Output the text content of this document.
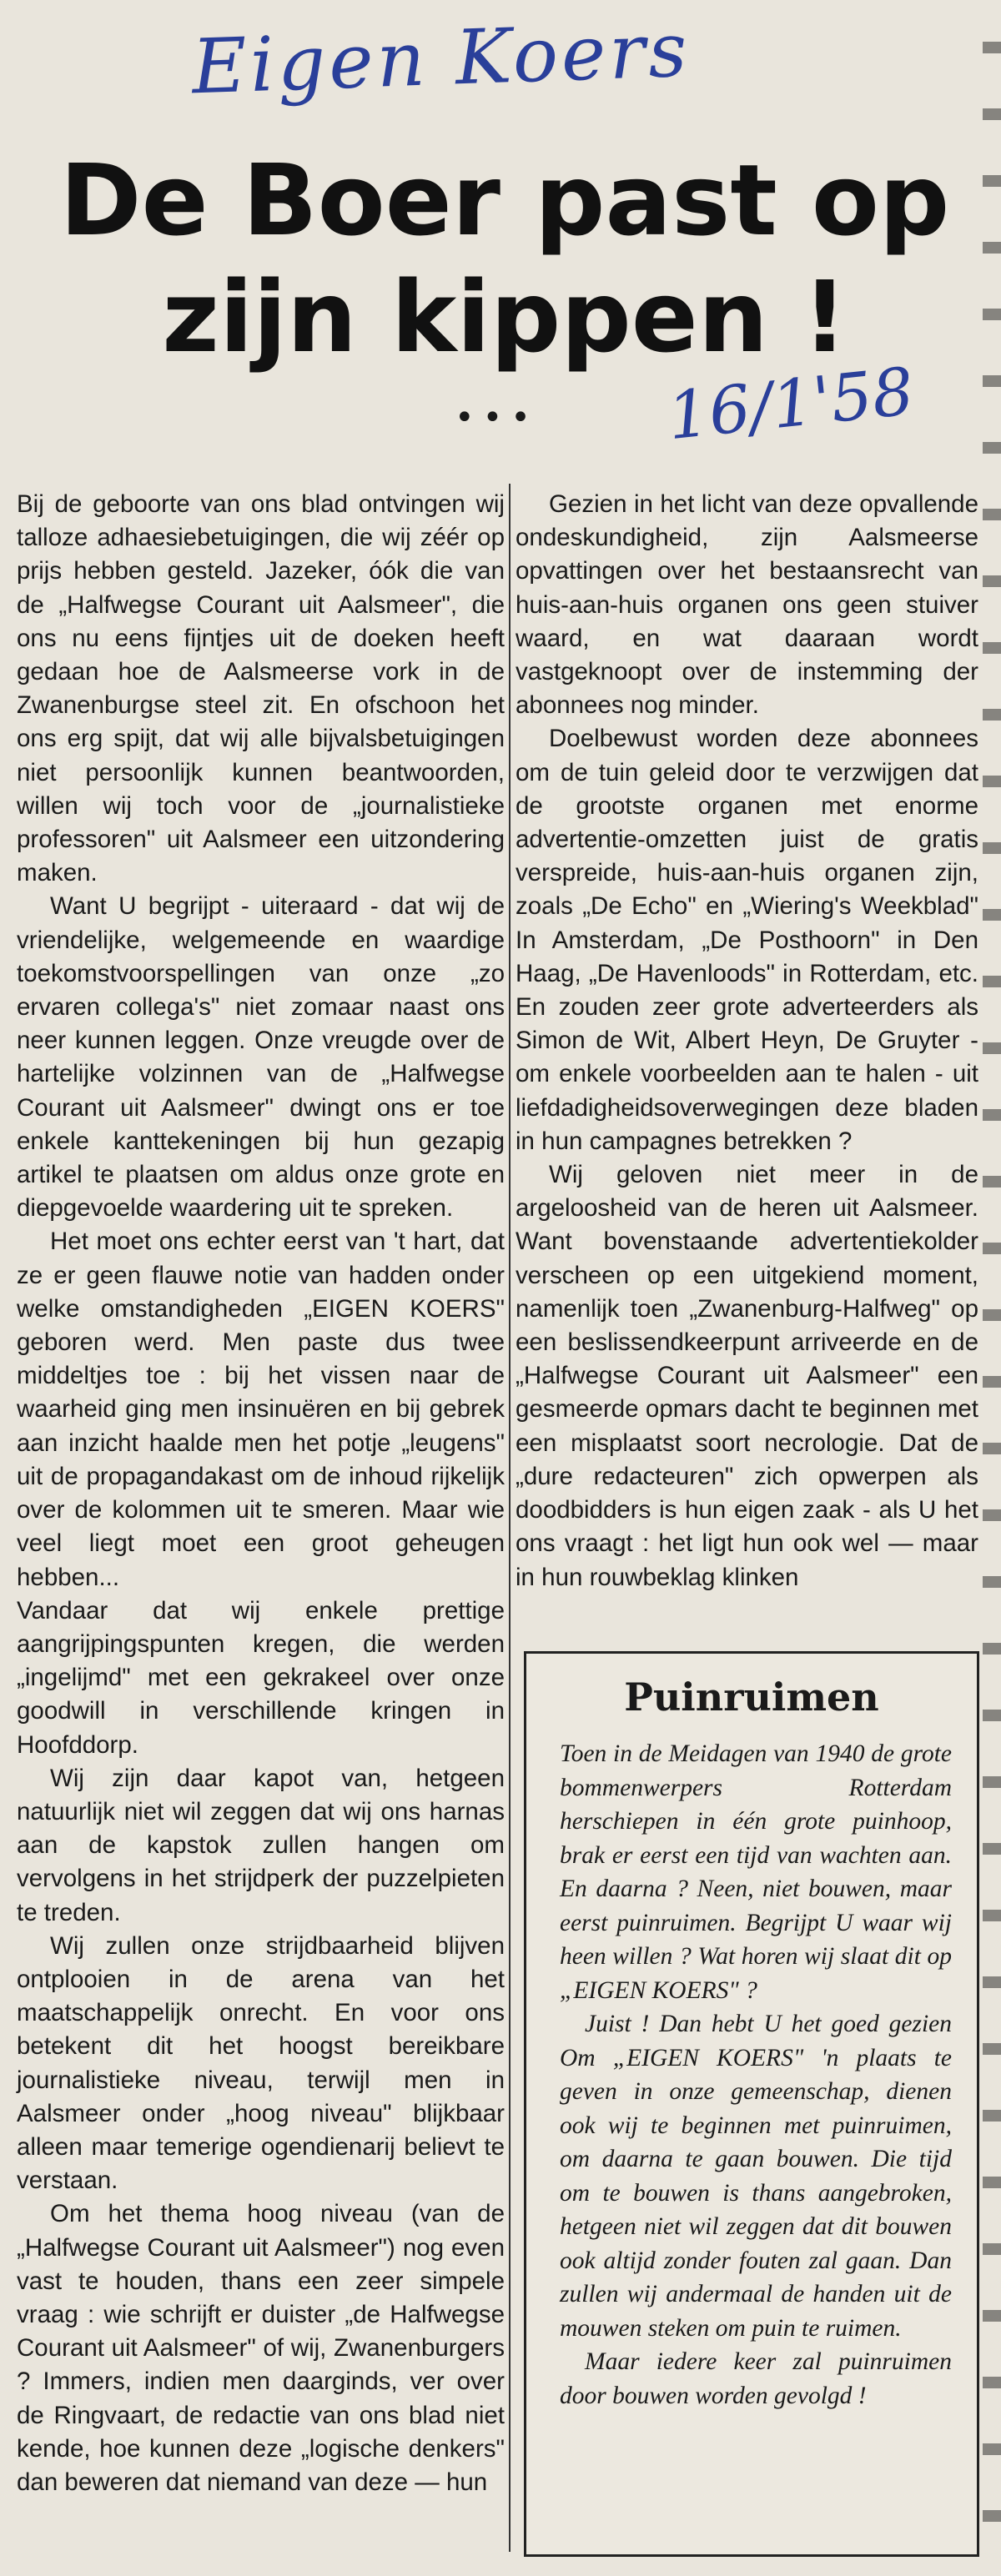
Eigen Koers
De Boer past op
zijn kippen !
••• 16/1'58

Bij de geboorte van ons blad ontvingen wij talloze adhaesiebetuigingen, die wij zéér op prijs hebben gesteld. Jazeker, óók die van de „Halfwegse Courant uit Aalsmeer", die ons nu eens fijntjes uit de doeken heeft gedaan hoe de Aalsmeerse vork in de Zwanenburgse steel zit. En ofschoon het ons erg spijt, dat wij alle bijvalsbetuigingen niet persoonlijk kunnen beantwoorden, willen wij toch voor de „journalistieke professoren" uit Aalsmeer een uitzondering maken.

Want U begrijpt - uiteraard - dat wij de vriendelijke, welgemeende en waardige toekomstvoorspellingen van onze „zo ervaren collega's" niet zomaar naast ons neer kunnen leggen. Onze vreugde over de hartelijke volzinnen van de „Halfwegse Courant uit Aalsmeer" dwingt ons er toe enkele kanttekeningen bij hun gezapig artikel te plaatsen om aldus onze grote en diepgevoelde waardering uit te spreken.

Het moet ons echter eerst van 't hart, dat ze er geen flauwe notie van hadden onder welke omstandigheden „EIGEN KOERS" geboren werd. Men paste dus twee middeltjes toe : bij het vissen naar de waarheid ging men insinuëren en bij gebrek aan inzicht haalde men het potje „leugens" uit de propagandakast om de inhoud rijkelijk over de kolommen uit te smeren. Maar wie veel liegt moet een groot geheugen hebben...

Vandaar dat wij enkele prettige aangrijpingspunten kregen, die werden „ingelijmd" met een gekrakeel over onze goodwill in verschillende kringen in Hoofddorp.

Wij zijn daar kapot van, hetgeen natuurlijk niet wil zeggen dat wij ons harnas aan de kapstok zullen hangen om vervolgens in het strijdperk der puzzelpieten te treden.

Wij zullen onze strijdbaarheid blijven ontplooien in de arena van het maatschappelijk onrecht. En voor ons betekent dit het hoogst bereikbare journalistieke niveau, terwijl men in Aalsmeer onder „hoog niveau" blijkbaar alleen maar temerige ogendienarij believt te verstaan.

Om het thema hoog niveau (van de „Halfwegse Courant uit Aalsmeer") nog even vast te houden, thans een zeer simpele vraag : wie schrijft er duister „de Halfwegse Courant uit Aalsmeer" of wij, Zwanenburgers ? Immers, indien men daarginds, ver over de Ringvaart, de redactie van ons blad niet kende, hoe kunnen deze „logische denkers" dan beweren dat niemand van deze — hun

Gezien in het licht van deze opvallende ondeskundigheid, zijn Aalsmeerse opvattingen over het bestaansrecht van huis-aan-huis organen ons geen stuiver waard, en wat daaraan wordt vastgeknoopt over de instemming der abonnees nog minder.

Doelbewust worden deze abonnees om de tuin geleid door te verzwijgen dat de grootste organen met enorme advertentie-omzetten juist de gratis verspreide, huis-aan-huis organen zijn, zoals „De Echo" en „Wiering's Weekblad" In Amsterdam, „De Posthoorn" in Den Haag, „De Havenloods" in Rotterdam, etc. En zouden zeer grote adverteerders als Simon de Wit, Albert Heyn, De Gruyter - om enkele voorbeelden aan te halen - uit liefdadigheidsoverwegingen deze bladen in hun campagnes betrekken ?

Wij geloven niet meer in de argeloosheid van de heren uit Aalsmeer. Want bovenstaande advertentiekolder verscheen op een uitgekiend moment, namenlijk toen „Zwanenburg-Halfweg" op een beslissendkeerpunt arriveerde en de „Halfwegse Courant uit Aalsmeer" een gesmeerde opmars dacht te beginnen met een misplaatst soort necrologie. Dat de „dure redacteuren" zich opwerpen als doodbidders is hun eigen zaak - als U het ons vraagt : het ligt hun ook wel — maar in hun rouwbeklag klinken

Puinruimen

Toen in de Meidagen van 1940 de grote bommenwerpers Rotterdam herschiepen in één grote puinhoop, brak er eerst een tijd van wachten aan. En daarna ? Neen, niet bouwen, maar eerst puinruimen. Begrijpt U waar wij heen willen ? Wat horen wij slaat dit op „EIGEN KOERS" ?

Juist ! Dan hebt U het goed gezien Om „EIGEN KOERS" 'n plaats te geven in onze gemeenschap, dienen ook wij te beginnen met puinruimen, om daarna te gaan bouwen. Die tijd om te bouwen is thans aangebroken, hetgeen niet wil zeggen dat dit bouwen ook altijd zonder fouten zal gaan. Dan zullen wij andermaal de handen uit de mouwen steken om puin te ruimen.

Maar iedere keer zal puinruimen door bouwen worden gevolgd !
